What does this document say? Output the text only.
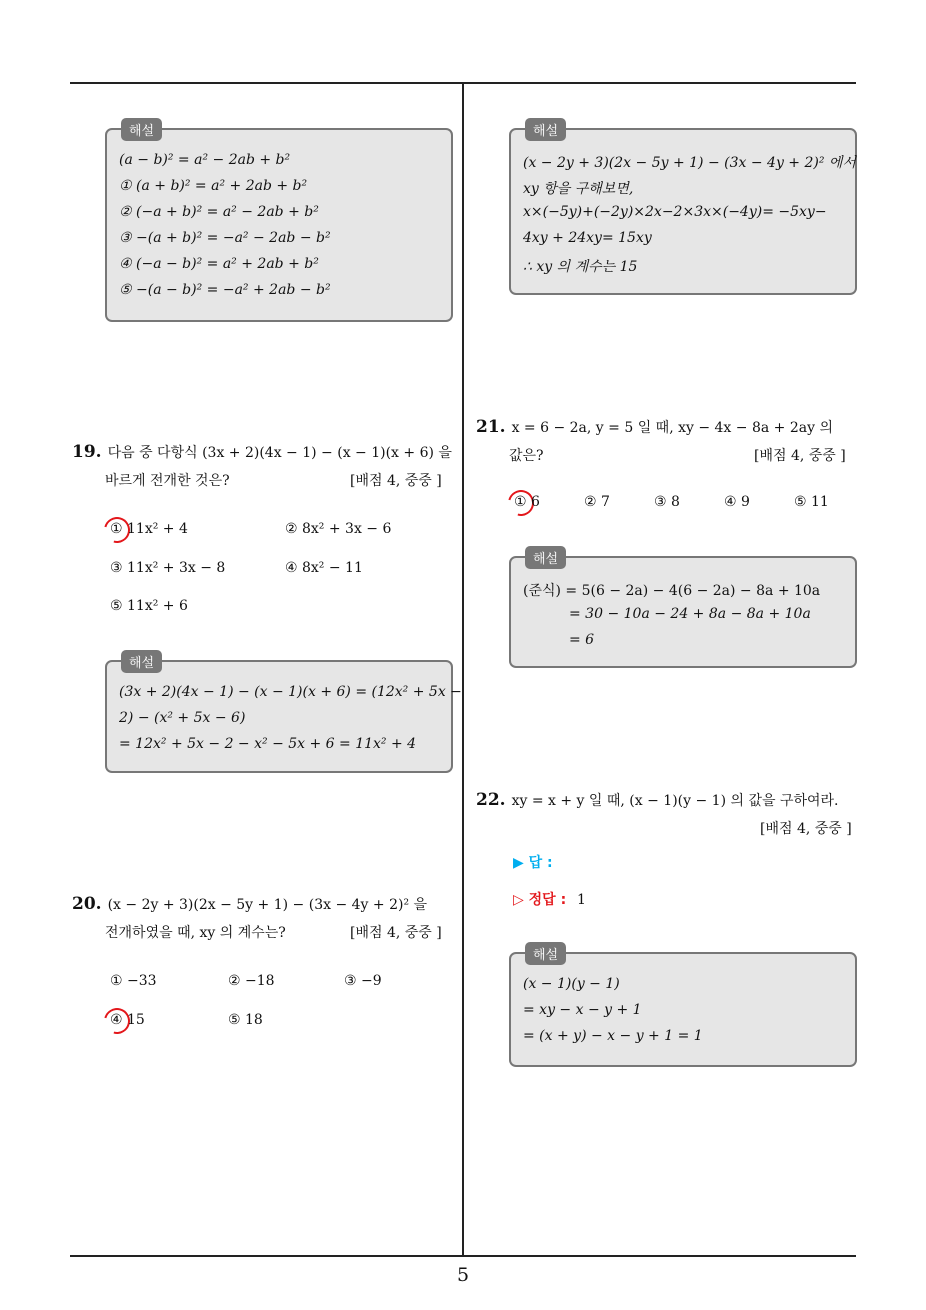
해설
(a − b)² = a² − 2ab + b²
① (a + b)² = a² + 2ab + b²
② (−a + b)² = a² − 2ab + b²
③ −(a + b)² = −a² − 2ab − b²
④ (−a − b)² = a² + 2ab + b²
⑤ −(a − b)² = −a² + 2ab − b²
19. 다음 중 다항식 (3x + 2)(4x − 1) − (x − 1)(x + 6) 을
바르게 전개한 것은?	[배점 4, 중중 ]
① 11x² + 4	② 8x² + 3x − 6
③ 11x² + 3x − 8	④ 8x² − 11
⑤ 11x² + 6
해설
(3x + 2)(4x − 1) − (x − 1)(x + 6) = (12x² + 5x −
2) − (x² + 5x − 6)
= 12x² + 5x − 2 − x² − 5x + 6 = 11x² + 4
20. (x − 2y + 3)(2x − 5y + 1) − (3x − 4y + 2)² 을
전개하였을 때, xy 의 계수는?	[배점 4, 중중 ]
① −33	② −18	③ −9
④ 15	⑤ 18
해설
(x − 2y + 3)(2x − 5y + 1) − (3x − 4y + 2)² 에서
xy 항을 구해보면,
x×(−5y)+(−2y)×2x−2×3x×(−4y)= −5xy−
4xy + 24xy= 15xy
∴ xy 의 계수는 15
21. x = 6 − 2a, y = 5 일 때, xy − 4x − 8a + 2ay 의
값은?	[배점 4, 중중 ]
① 6	② 7	③ 8	④ 9	⑤ 11
해설
(준식) = 5(6 − 2a) − 4(6 − 2a) − 8a + 10a
= 30 − 10a − 24 + 8a − 8a + 10a
= 6
22. xy = x + y 일 때, (x − 1)(y − 1) 의 값을 구하여라.
[배점 4, 중중 ]
▶ 답 :
▷ 정답 : 1
해설
(x − 1)(y − 1)
= xy − x − y + 1
= (x + y) − x − y + 1 = 1
5
